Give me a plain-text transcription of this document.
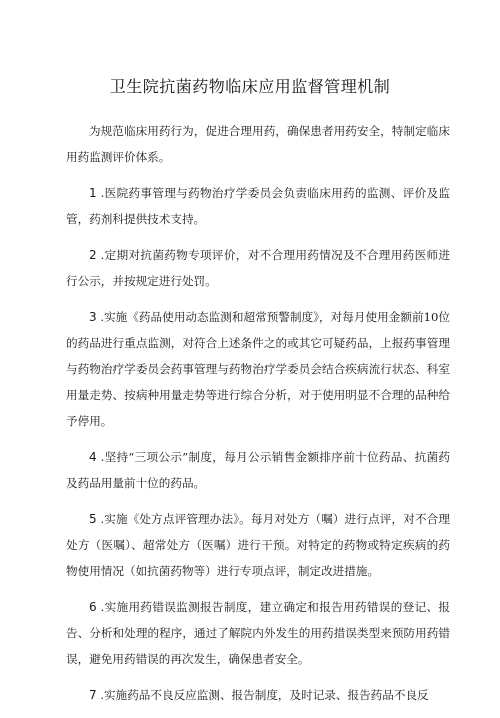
卫生院抗菌药物临床应用监督管理机制

为规范临床用药行为，促进合理用药，确保患者用药安全，特制定临床用药监测评价体系。

1 .医院药事管理与药物治疗学委员会负责临床用药的监测、评价及监管，药剂科提供技术支持。

2 .定期对抗菌药物专项评价，对不合理用药情况及不合理用药医师进行公示，并按规定进行处罚。

3 .实施《药品使用动态监测和超常预警制度》，对每月使用金额前10位的药品进行重点监测，对符合上述条件之的或其它可疑药品，上报药事管理与药物治疗学委员会药事管理与药物治疗学委员会结合疾病流行状态、科室用量走势、按病种用量走势等进行综合分析，对于使用明显不合理的品种给予停用。

4 .坚持“三项公示”制度，每月公示销售金额排序前十位药品、抗菌药及药品用量前十位的药品。

5 .实施《处方点评管理办法》。每月对处方（嘱）进行点评，对不合理处方（医嘱）、超常处方（医嘱）进行干预。对特定的药物或特定疾病的药物使用情况（如抗菌药物等）进行专项点评，制定改进措施。

6 .实施用药错误监测报告制度，建立确定和报告用药错误的登记、报告、分析和处理的程序，通过了解院内外发生的用药措误类型来预防用药错误，避免用药错误的再次发生，确保患者安全。

7 .实施药品不良反应监测、报告制度，及时记录、报告药品不良反
